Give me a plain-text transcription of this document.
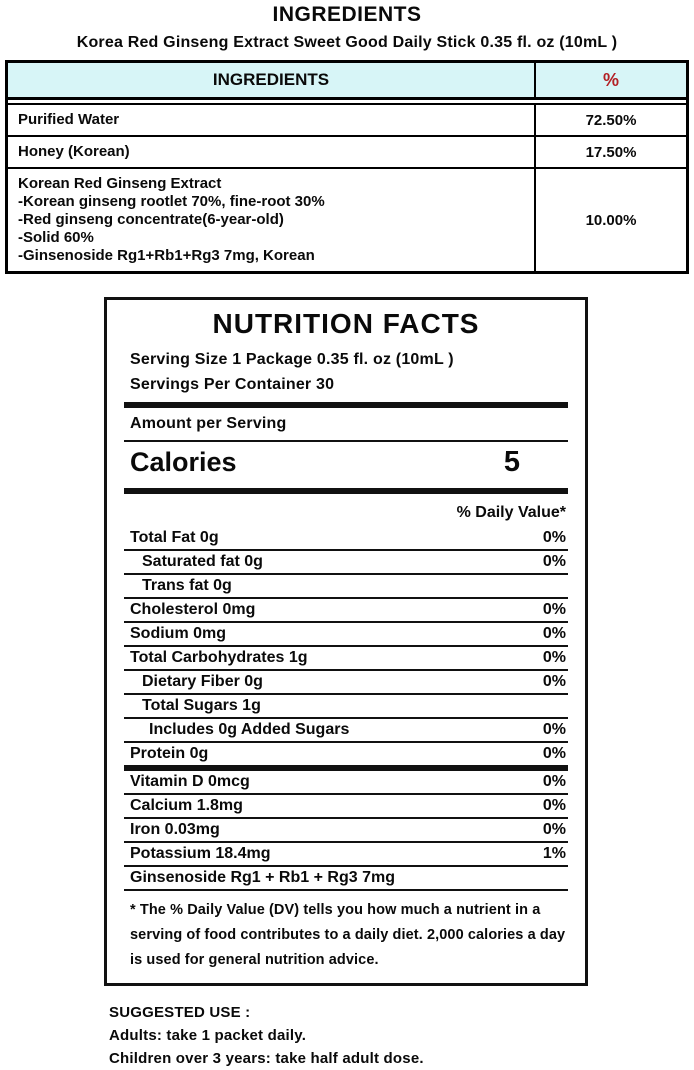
INGREDIENTS
Korea Red Ginseng Extract Sweet Good Daily Stick 0.35 fl. oz (10mL )
INGREDIENTS	%
Purified Water	72.50%
Honey (Korean)	17.50%
Korean Red Ginseng Extract
-Korean ginseng rootlet 70%, fine-root 30%
-Red ginseng concentrate(6-year-old)
-Solid 60%
-Ginsenoside Rg1+Rb1+Rg3 7mg, Korean
10.00%
NUTRITION FACTS
Serving Size 1 Package 0.35 fl. oz (10mL )
Servings Per Container 30
Amount per Serving
Calories	5
% Daily Value*
Total Fat 0g	0%
Saturated fat 0g	0%
Trans fat 0g
Cholesterol 0mg	0%
Sodium 0mg	0%
Total Carbohydrates 1g	0%
Dietary Fiber 0g	0%
Total Sugars 1g
Includes 0g Added Sugars	0%
Protein 0g	0%
Vitamin D 0mcg	0%
Calcium 1.8mg	0%
Iron 0.03mg	0%
Potassium 18.4mg	1%
Ginsenoside Rg1 + Rb1 + Rg3 7mg
* The % Daily Value (DV) tells you how much a nutrient in a serving of food contributes to a daily diet. 2,000 calories a day is used for general nutrition advice.
SUGGESTED USE :
Adults: take 1 packet daily.
Children over 3 years: take half adult dose.
